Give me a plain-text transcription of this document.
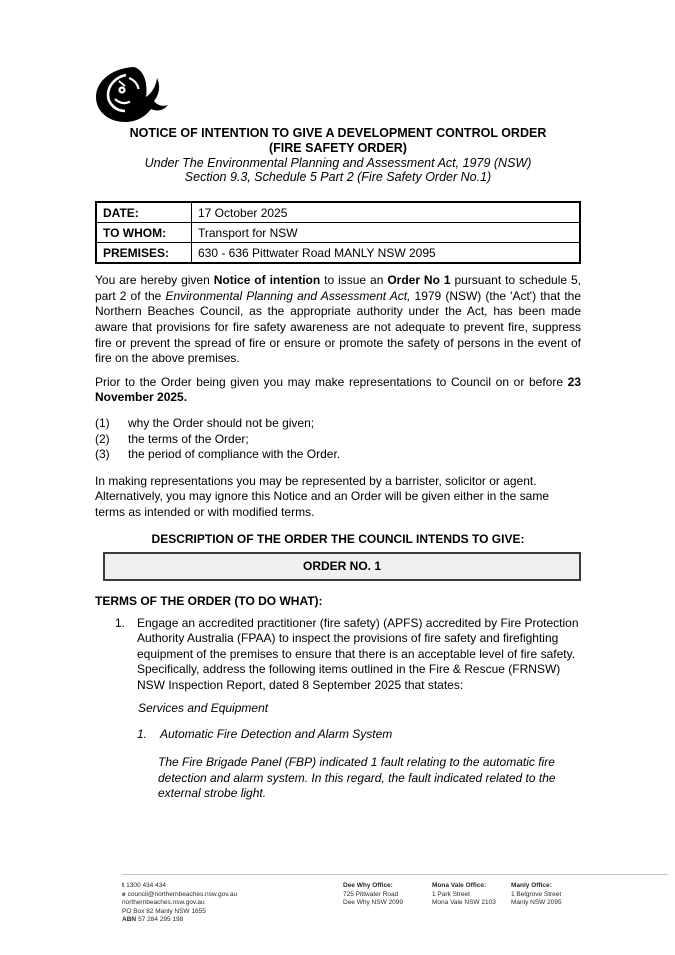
NOTICE OF INTENTION TO GIVE A DEVELOPMENT CONTROL ORDER
(FIRE SAFETY ORDER)
Under The Environmental Planning and Assessment Act, 1979 (NSW)
Section 9.3, Schedule 5 Part 2 (Fire Safety Order No.1)
DATE:	17 October 2025
TO WHOM:	Transport for NSW
PREMISES:	630 - 636 Pittwater Road MANLY NSW 2095

You are hereby given Notice of intention to issue an Order No 1 pursuant to schedule 5, part 2 of the Environmental Planning and Assessment Act, 1979 (NSW) (the 'Act') that the Northern Beaches Council, as the appropriate authority under the Act, has been made aware that provisions for fire safety awareness are not adequate to prevent fire, suppress fire or prevent the spread of fire or ensure or promote the safety of persons in the event of fire on the above premises.

Prior to the Order being given you may make representations to Council on or before 23 November 2025.

(1)	why the Order should not be given;
(2)	the terms of the Order;
(3)	the period of compliance with the Order.

In making representations you may be represented by a barrister, solicitor or agent. Alternatively, you may ignore this Notice and an Order will be given either in the same terms as intended or with modified terms.

DESCRIPTION OF THE ORDER THE COUNCIL INTENDS TO GIVE:
ORDER NO. 1
TERMS OF THE ORDER (TO DO WHAT):
1. Engage an accredited practitioner (fire safety) (APFS) accredited by Fire Protection Authority Australia (FPAA) to inspect the provisions of fire safety and firefighting equipment of the premises to ensure that there is an acceptable level of fire safety. Specifically, address the following items outlined in the Fire & Rescue (FRNSW) NSW Inspection Report, dated 8 September 2025 that states:
Services and Equipment
1.	Automatic Fire Detection and Alarm System
The Fire Brigade Panel (FBP) indicated 1 fault relating to the automatic fire detection and alarm system. In this regard, the fault indicated related to the external strobe light.
t 1300 434 434
e council@northernbeaches.nsw.gov.au
northernbeaches.nsw.gov.au
PO Box 82 Manly NSW 1655
ABN 57 284 295 198
Dee Why Office:
725 Pittwater Road
Dee Why NSW 2099
Mona Vale Office:
1 Park Street
Mona Vale NSW 2103
Manly Office:
1 Belgrove Street
Manly NSW 2095
